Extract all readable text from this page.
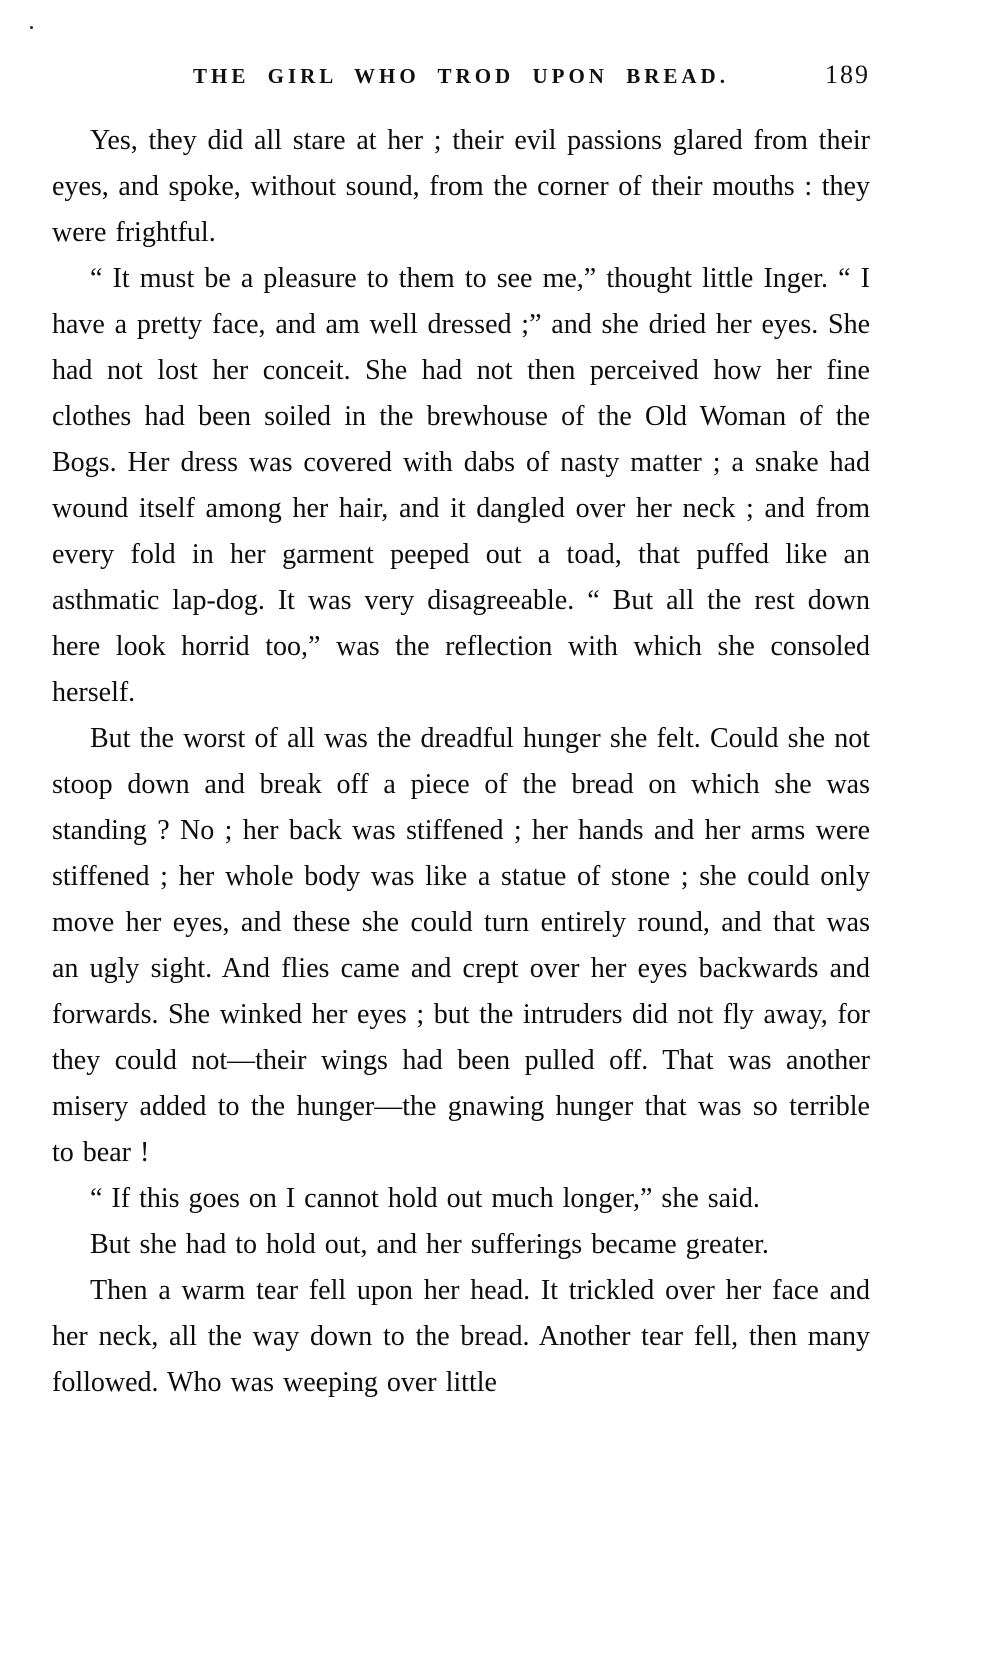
THE GIRL WHO TROD UPON BREAD.	189

Yes, they did all stare at her ; their evil passions glared from their eyes, and spoke, without sound, from the corner of their mouths : they were frightful.

“ It must be a pleasure to them to see me,” thought little Inger. “ I have a pretty face, and am well dressed ;” and she dried her eyes. She had not lost her conceit. She had not then perceived how her fine clothes had been soiled in the brewhouse of the Old Woman of the Bogs. Her dress was covered with dabs of nasty matter ; a snake had wound itself among her hair, and it dangled over her neck ; and from every fold in her garment peeped out a toad, that puffed like an asthmatic lap-dog. It was very disagreeable. “ But all the rest down here look horrid too,” was the reflection with which she consoled herself.

But the worst of all was the dreadful hunger she felt. Could she not stoop down and break off a piece of the bread on which she was standing ? No ; her back was stiffened ; her hands and her arms were stiffened ; her whole body was like a statue of stone ; she could only move her eyes, and these she could turn entirely round, and that was an ugly sight. And flies came and crept over her eyes backwards and forwards. She winked her eyes ; but the intruders did not fly away, for they could not—their wings had been pulled off. That was another misery added to the hunger—the gnawing hunger that was so terrible to bear !

“ If this goes on I cannot hold out much longer,” she said.

But she had to hold out, and her sufferings became greater.

Then a warm tear fell upon her head. It trickled over her face and her neck, all the way down to the bread. Another tear fell, then many followed. Who was weeping over little
